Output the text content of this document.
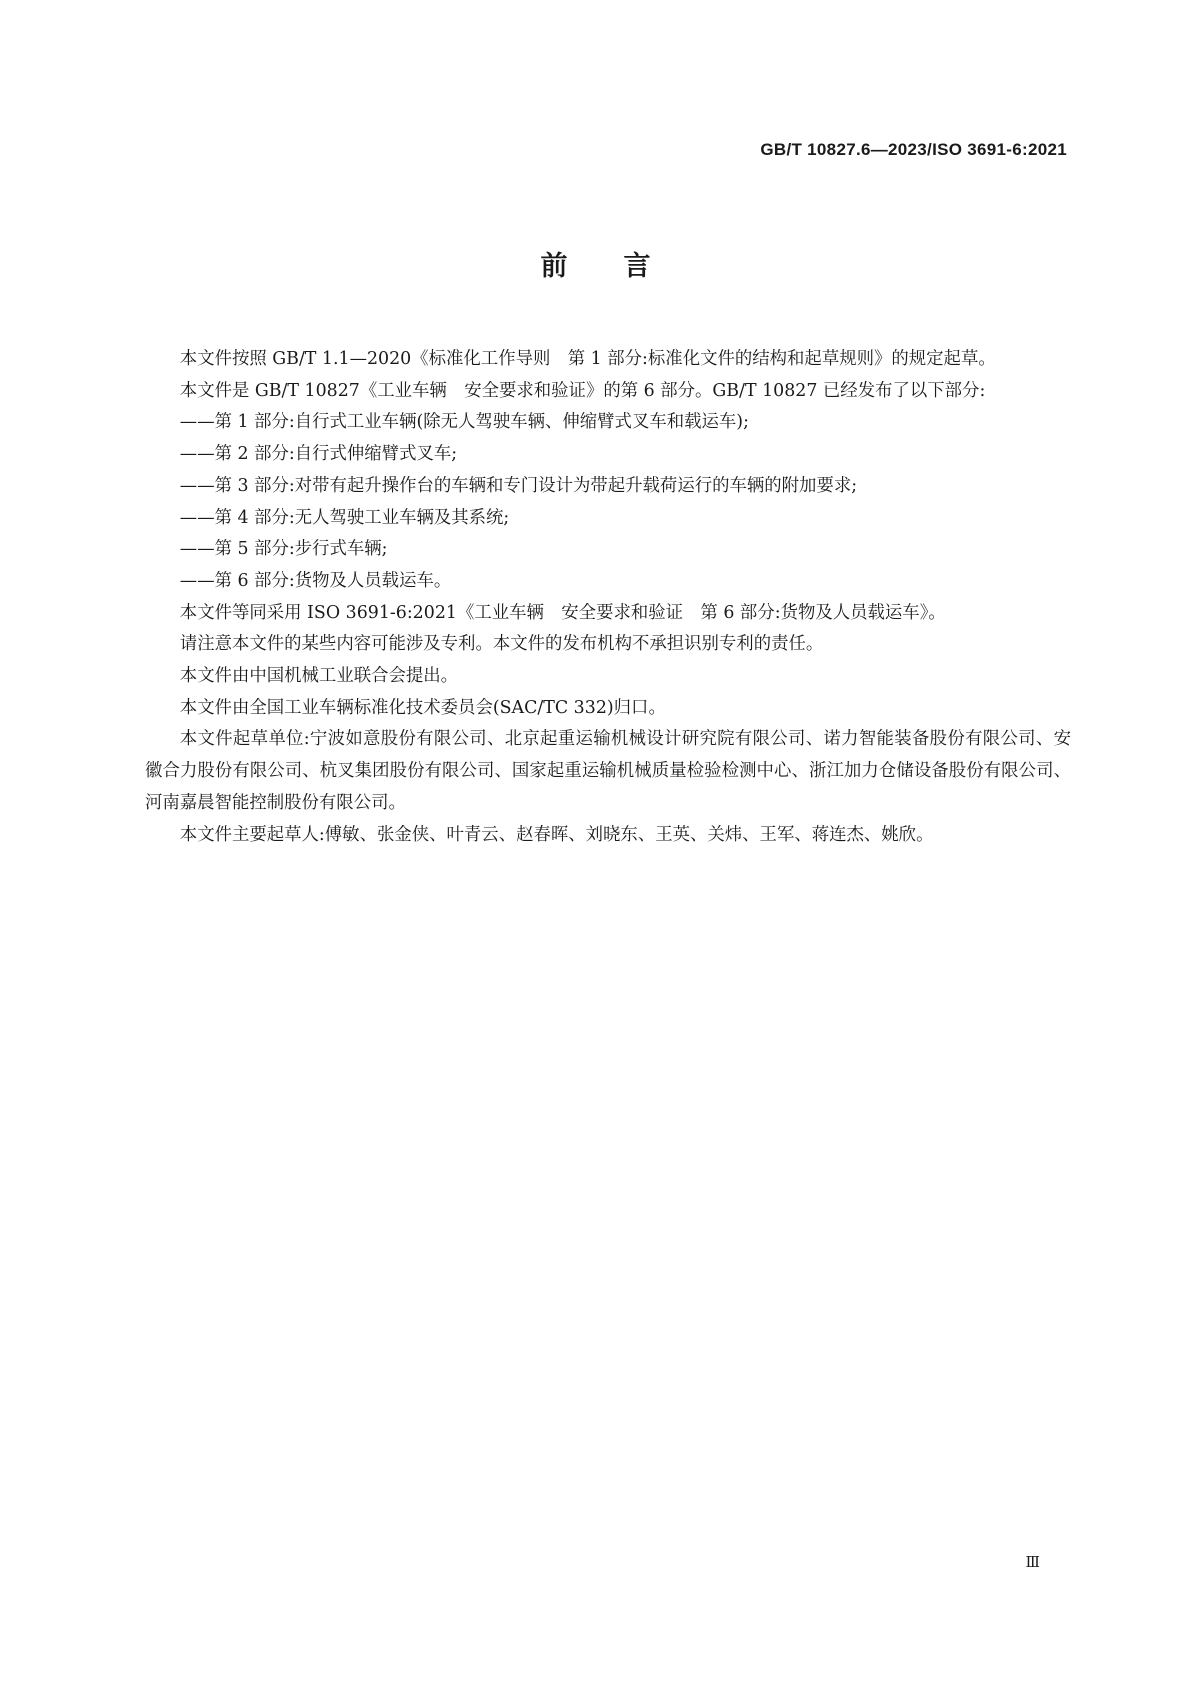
GB/T 10827.6—2023/ISO 3691-6:2021
前言

本文件按照 GB/T 1.1—2020《标准化工作导则　第 1 部分:标准化文件的结构和起草规则》的规定起草。

本文件是 GB/T 10827《工业车辆　安全要求和验证》的第 6 部分。GB/T 10827 已经发布了以下部分:

——第 1 部分:自行式工业车辆(除无人驾驶车辆、伸缩臂式叉车和载运车);

——第 2 部分:自行式伸缩臂式叉车;

——第 3 部分:对带有起升操作台的车辆和专门设计为带起升载荷运行的车辆的附加要求;

——第 4 部分:无人驾驶工业车辆及其系统;

——第 5 部分:步行式车辆;

——第 6 部分:货物及人员载运车。

本文件等同采用 ISO 3691-6:2021《工业车辆　安全要求和验证　第 6 部分:货物及人员载运车》。

请注意本文件的某些内容可能涉及专利。本文件的发布机构不承担识别专利的责任。

本文件由中国机械工业联合会提出。

本文件由全国工业车辆标准化技术委员会(SAC/TC 332)归口。

本文件起草单位:宁波如意股份有限公司、北京起重运输机械设计研究院有限公司、诺力智能装备股份有限公司、安徽合力股份有限公司、杭叉集团股份有限公司、国家起重运输机械质量检验检测中心、浙江加力仓储设备股份有限公司、河南嘉晨智能控制股份有限公司。

本文件主要起草人:傅敏、张金侠、叶青云、赵春晖、刘晓东、王英、关炜、王军、蒋连杰、姚欣。

Ⅲ
